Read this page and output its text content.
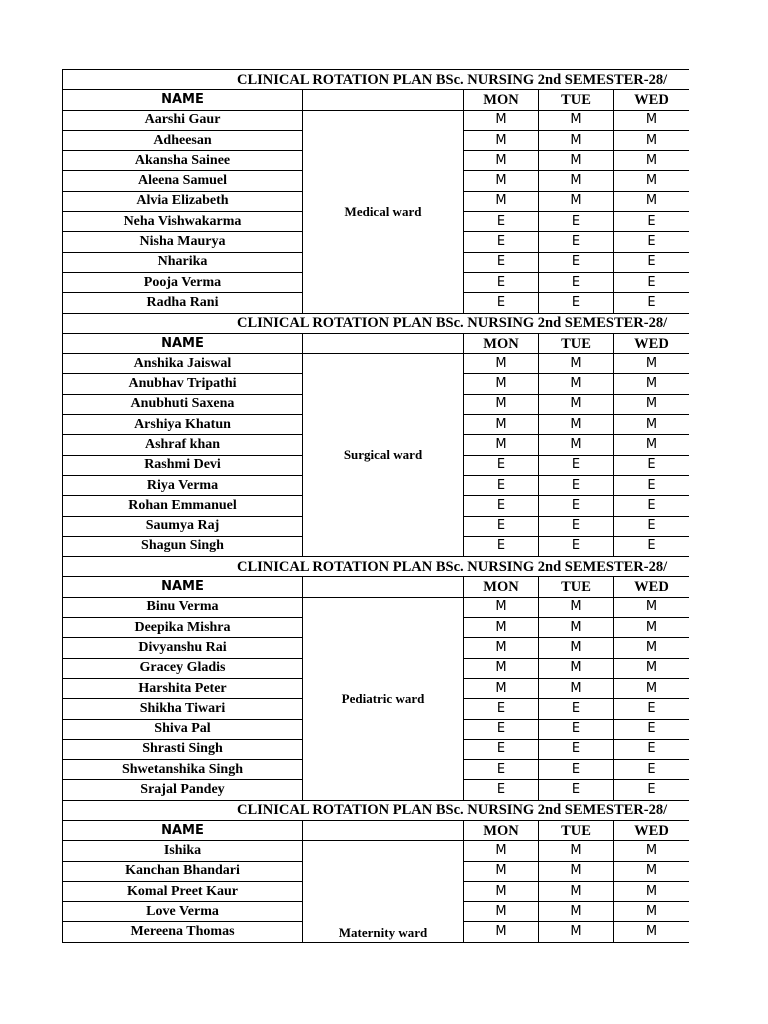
CLINICAL ROTATION PLAN BSc. NURSING 2nd SEMESTER-28/				
NAME		MON	TUE	WED
Aarshi Gaur	Medical ward	M	M	M
Adheesan		M	M	M
Akansha Sainee		M	M	M
Aleena Samuel		M	M	M
Alvia Elizabeth		M	M	M
Neha Vishwakarma		E	E	E
Nisha Maurya		E	E	E
Nharika		E	E	E
Pooja Verma		E	E	E
Radha Rani		E	E	E
CLINICAL ROTATION PLAN BSc. NURSING 2nd SEMESTER-28/				
NAME		MON	TUE	WED
Anshika Jaiswal	Surgical ward	M	M	M
Anubhav Tripathi		M	M	M
Anubhuti Saxena		M	M	M
Arshiya Khatun		M	M	M
Ashraf khan		M	M	M
Rashmi Devi		E	E	E
Riya Verma		E	E	E
Rohan Emmanuel		E	E	E
Saumya Raj		E	E	E
Shagun Singh		E	E	E
CLINICAL ROTATION PLAN BSc. NURSING 2nd SEMESTER-28/				
NAME		MON	TUE	WED
Binu Verma	Pediatric ward	M	M	M
Deepika Mishra		M	M	M
Divyanshu Rai		M	M	M
Gracey Gladis		M	M	M
Harshita Peter		M	M	M
Shikha Tiwari		E	E	E
Shiva Pal		E	E	E
Shrasti Singh		E	E	E
Shwetanshika Singh		E	E	E
Srajal Pandey		E	E	E
CLINICAL ROTATION PLAN BSc. NURSING 2nd SEMESTER-28/				
NAME		MON	TUE	WED
Ishika	Maternity ward	M	M	M
Kanchan Bhandari		M	M	M
Komal Preet Kaur		M	M	M
Love Verma		M	M	M
Mereena Thomas		M	M	M
